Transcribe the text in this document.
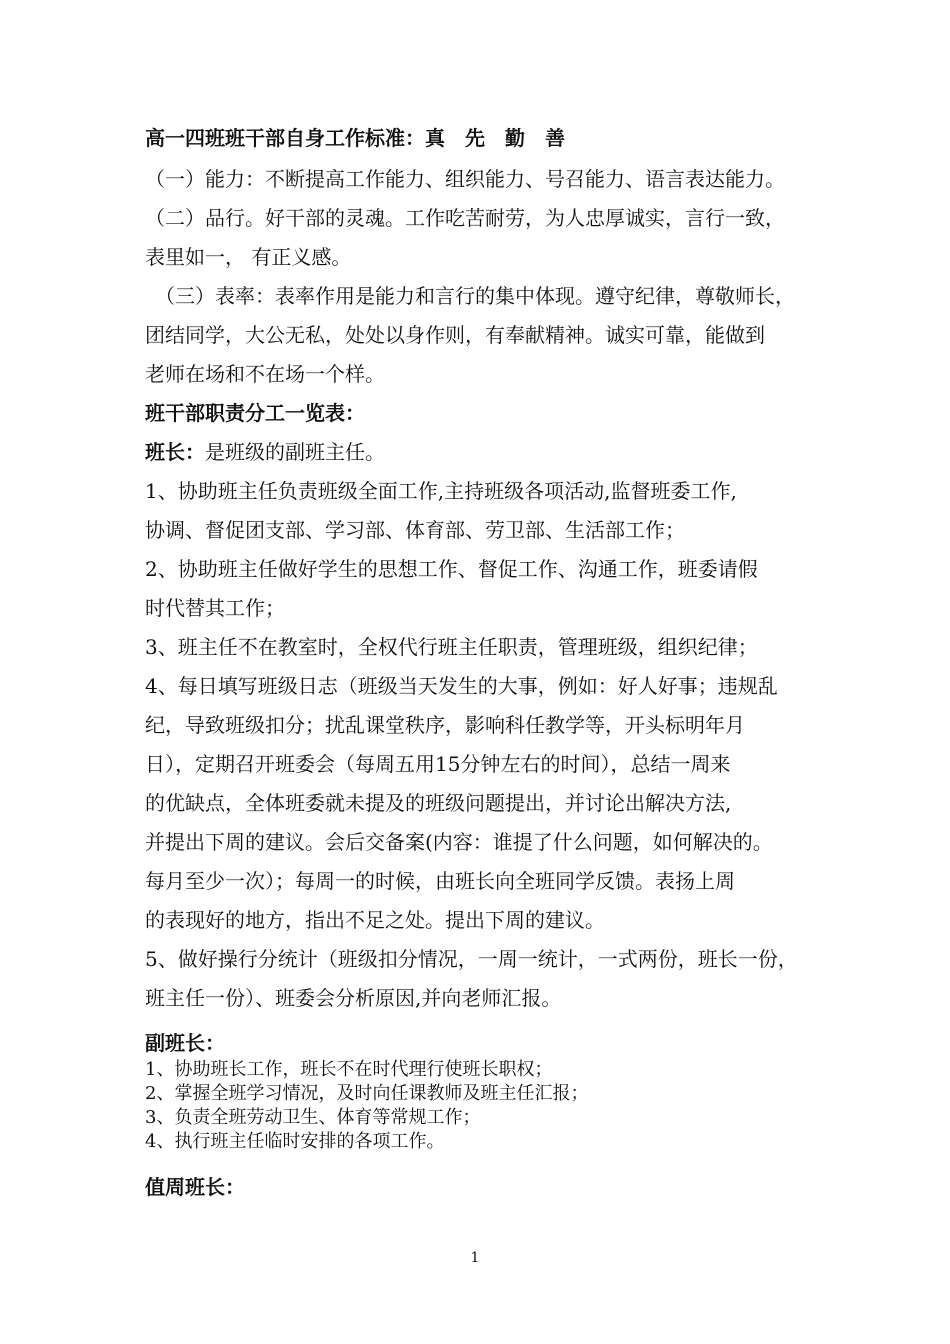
高一四班班干部自身工作标准：真　先　勤　善
（一）能力：不断提高工作能力、组织能力、号召能力、语言表达能力。
（二）品行。好干部的灵魂。工作吃苦耐劳，为人忠厚诚实，言行一致，
表里如一， 有正义感。
（三）表率：表率作用是能力和言行的集中体现。遵守纪律，尊敬师长，
团结同学，大公无私，处处以身作则，有奉献精神。诚实可靠，能做到
老师在场和不在场一个样。
班干部职责分工一览表：
班长：是班级的副班主任。
1、协助班主任负责班级全面工作,主持班级各项活动,监督班委工作,
协调、督促团支部、学习部、体育部、劳卫部、生活部工作；
2、协助班主任做好学生的思想工作、督促工作、沟通工作，班委请假
时代替其工作；
3、班主任不在教室时，全权代行班主任职责，管理班级，组织纪律；
4、每日填写班级日志（班级当天发生的大事，例如：好人好事；违规乱
纪，导致班级扣分；扰乱课堂秩序，影响科任教学等，开头标明年月
日），定期召开班委会（每周五用15分钟左右的时间），总结一周来
的优缺点，全体班委就未提及的班级问题提出，并讨论出解决方法,
并提出下周的建议。会后交备案(内容：谁提了什么问题，如何解决的。
每月至少一次）；每周一的时候，由班长向全班同学反馈。表扬上周
的表现好的地方，指出不足之处。提出下周的建议。
5、做好操行分统计（班级扣分情况，一周一统计，一式两份，班长一份，
班主任一份）、班委会分析原因,并向老师汇报。
副班长：
1、协助班长工作，班长不在时代理行使班长职权；
2、掌握全班学习情况，及时向任课教师及班主任汇报；
3、负责全班劳动卫生、体育等常规工作；
4、执行班主任临时安排的各项工作。
值周班长：
1
